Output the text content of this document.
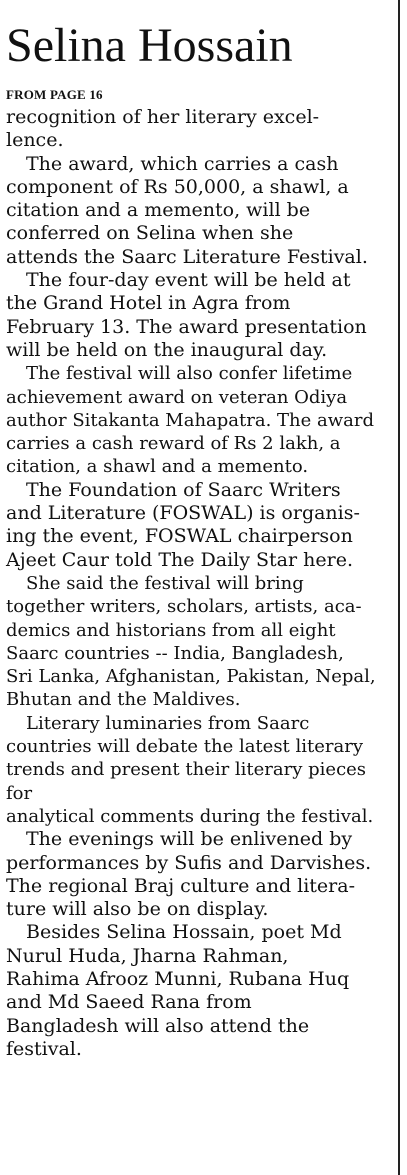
Selina Hossain
FROM PAGE 16

recognition of her literary excel-
lence.

The award, which carries a cash
component of Rs 50,000, a shawl, a
citation and a memento, will be
conferred on Selina when she
attends the Saarc Literature Festival.

The four-day event will be held at
the Grand Hotel in Agra from
February 13. The award presentation
will be held on the inaugural day.

The festival will also confer lifetime
achievement award on veteran Odiya
author Sitakanta Mahapatra. The award
carries a cash reward of Rs 2 lakh, a
citation, a shawl and a memento.

The Foundation of Saarc Writers
and Literature (FOSWAL) is organis-
ing the event, FOSWAL chairperson
Ajeet Caur told The Daily Star here.

She said the festival will bring
together writers, scholars, artists, aca-
demics and historians from all eight
Saarc countries -- India, Bangladesh,
Sri Lanka, Afghanistan, Pakistan, Nepal,
Bhutan and the Maldives.

Literary luminaries from Saarc
countries will debate the latest literary
trends and present their literary pieces for
analytical comments during the festival.

The evenings will be enlivened by
performances by Sufis and Darvishes.
The regional Braj culture and litera-
ture will also be on display.

Besides Selina Hossain, poet Md
Nurul Huda, Jharna Rahman,
Rahima Afrooz Munni, Rubana Huq
and Md Saeed Rana from
Bangladesh will also attend the
festival.
